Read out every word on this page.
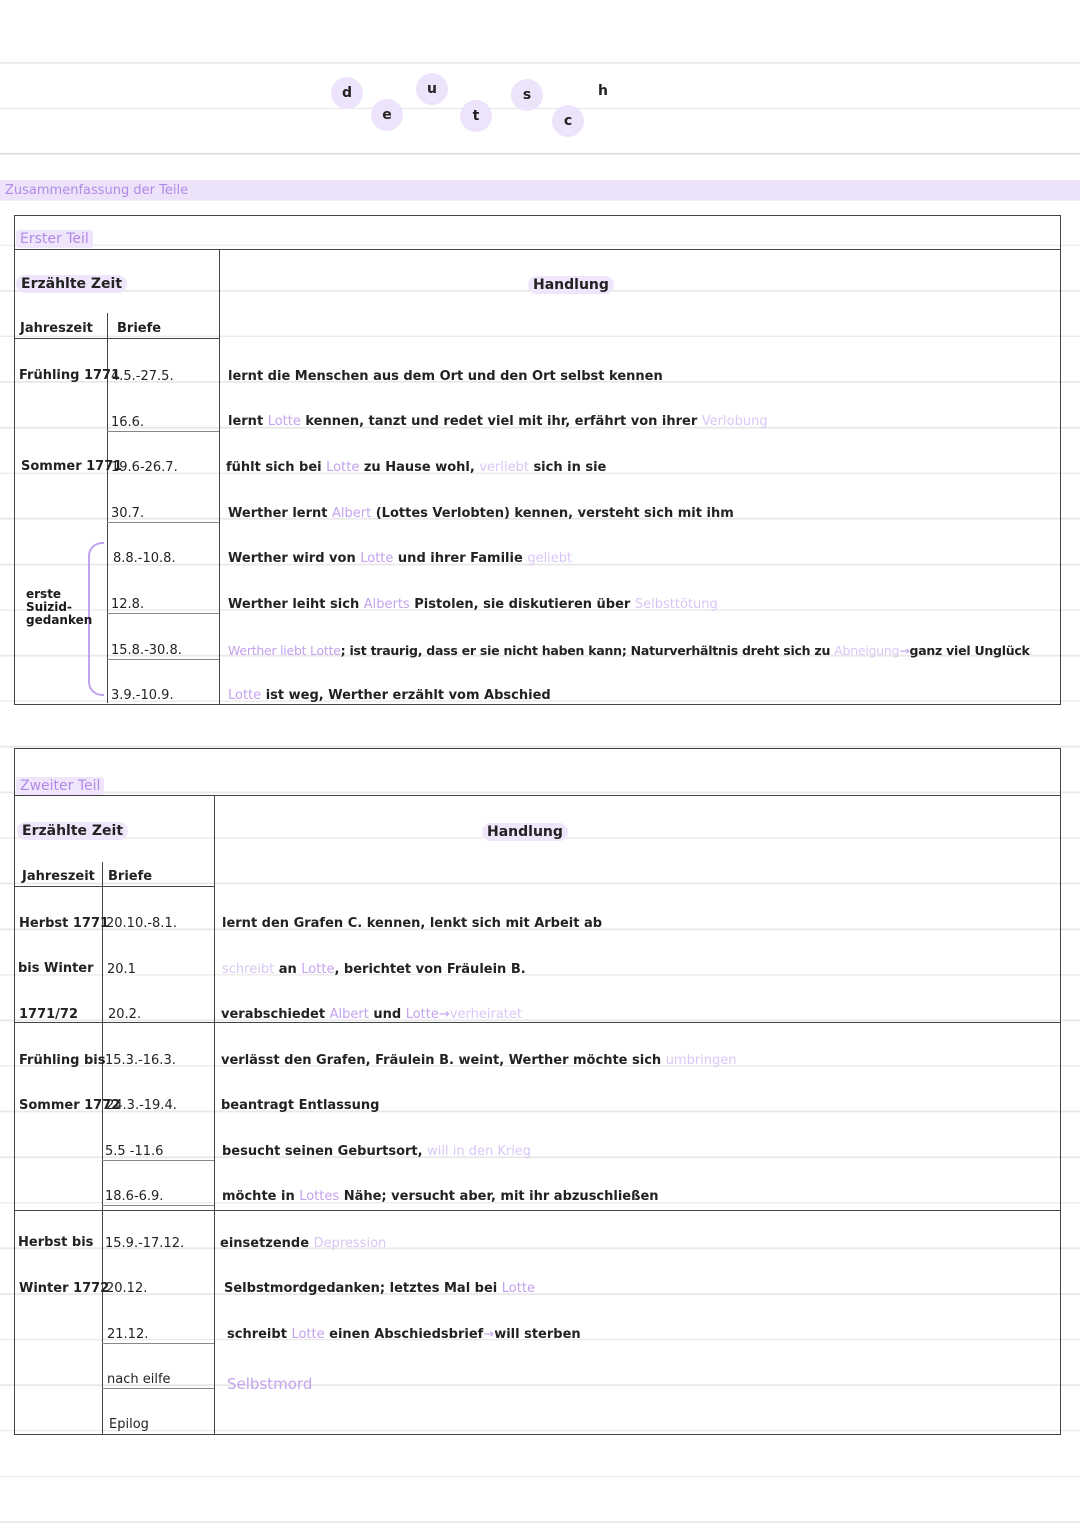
d
e
u
t
s
c
h
Zusammenfassung der Teile
Erster Teil
Erzählte Zeit	Handlung
Jahreszeit Briefe
Frühling 1771
Sommer 1771
erste
Suizid-
gedanken
4.5.-27.5.
16.6.
19.6-26.7.
30.7.
8.8.-10.8.
12.8.
15.8.-30.8.
3.9.-10.9.
lernt die Menschen aus dem Ort und den Ort selbst kennen
lernt Lotte kennen, tanzt und redet viel mit ihr, erfährt von ihrer Verlobung
fühlt sich bei Lotte zu Hause wohl, verliebt sich in sie
Werther lernt Albert (Lottes Verlobten) kennen, versteht sich mit ihm
Werther wird von Lotte und ihrer Familie geliebt
Werther leiht sich Alberts Pistolen, sie diskutieren über Selbsttötung
Werther liebt Lotte; ist traurig, dass er sie nicht haben kann; Naturverhältnis dreht sich zu Abneigung→ganz viel Unglück
Lotte ist weg, Werther erzählt vom Abschied
Zweiter Teil
Erzählte Zeit	Handlung
Jahreszeit Briefe
Herbst 1771
bis Winter
1771/72
Frühling bis
Sommer 1772
Herbst bis
Winter 1772
20.10.-8.1.
20.1
20.2.
15.3.-16.3.
24.3.-19.4.
5.5 -11.6
18.6-6.9.
15.9.-17.12.
20.12.
21.12.
nach eilfe
Epilog
lernt den Grafen C. kennen, lenkt sich mit Arbeit ab
schreibt an Lotte, berichtet von Fräulein B.
verabschiedet Albert und Lotte→verheiratet
verlässt den Grafen, Fräulein B. weint, Werther möchte sich umbringen
beantragt Entlassung
besucht seinen Geburtsort, will in den Krieg
möchte in Lottes Nähe; versucht aber, mit ihr abzuschließen
einsetzende Depression
Selbstmordgedanken; letztes Mal bei Lotte
schreibt Lotte einen Abschiedsbrief→will sterben
Selbstmord
